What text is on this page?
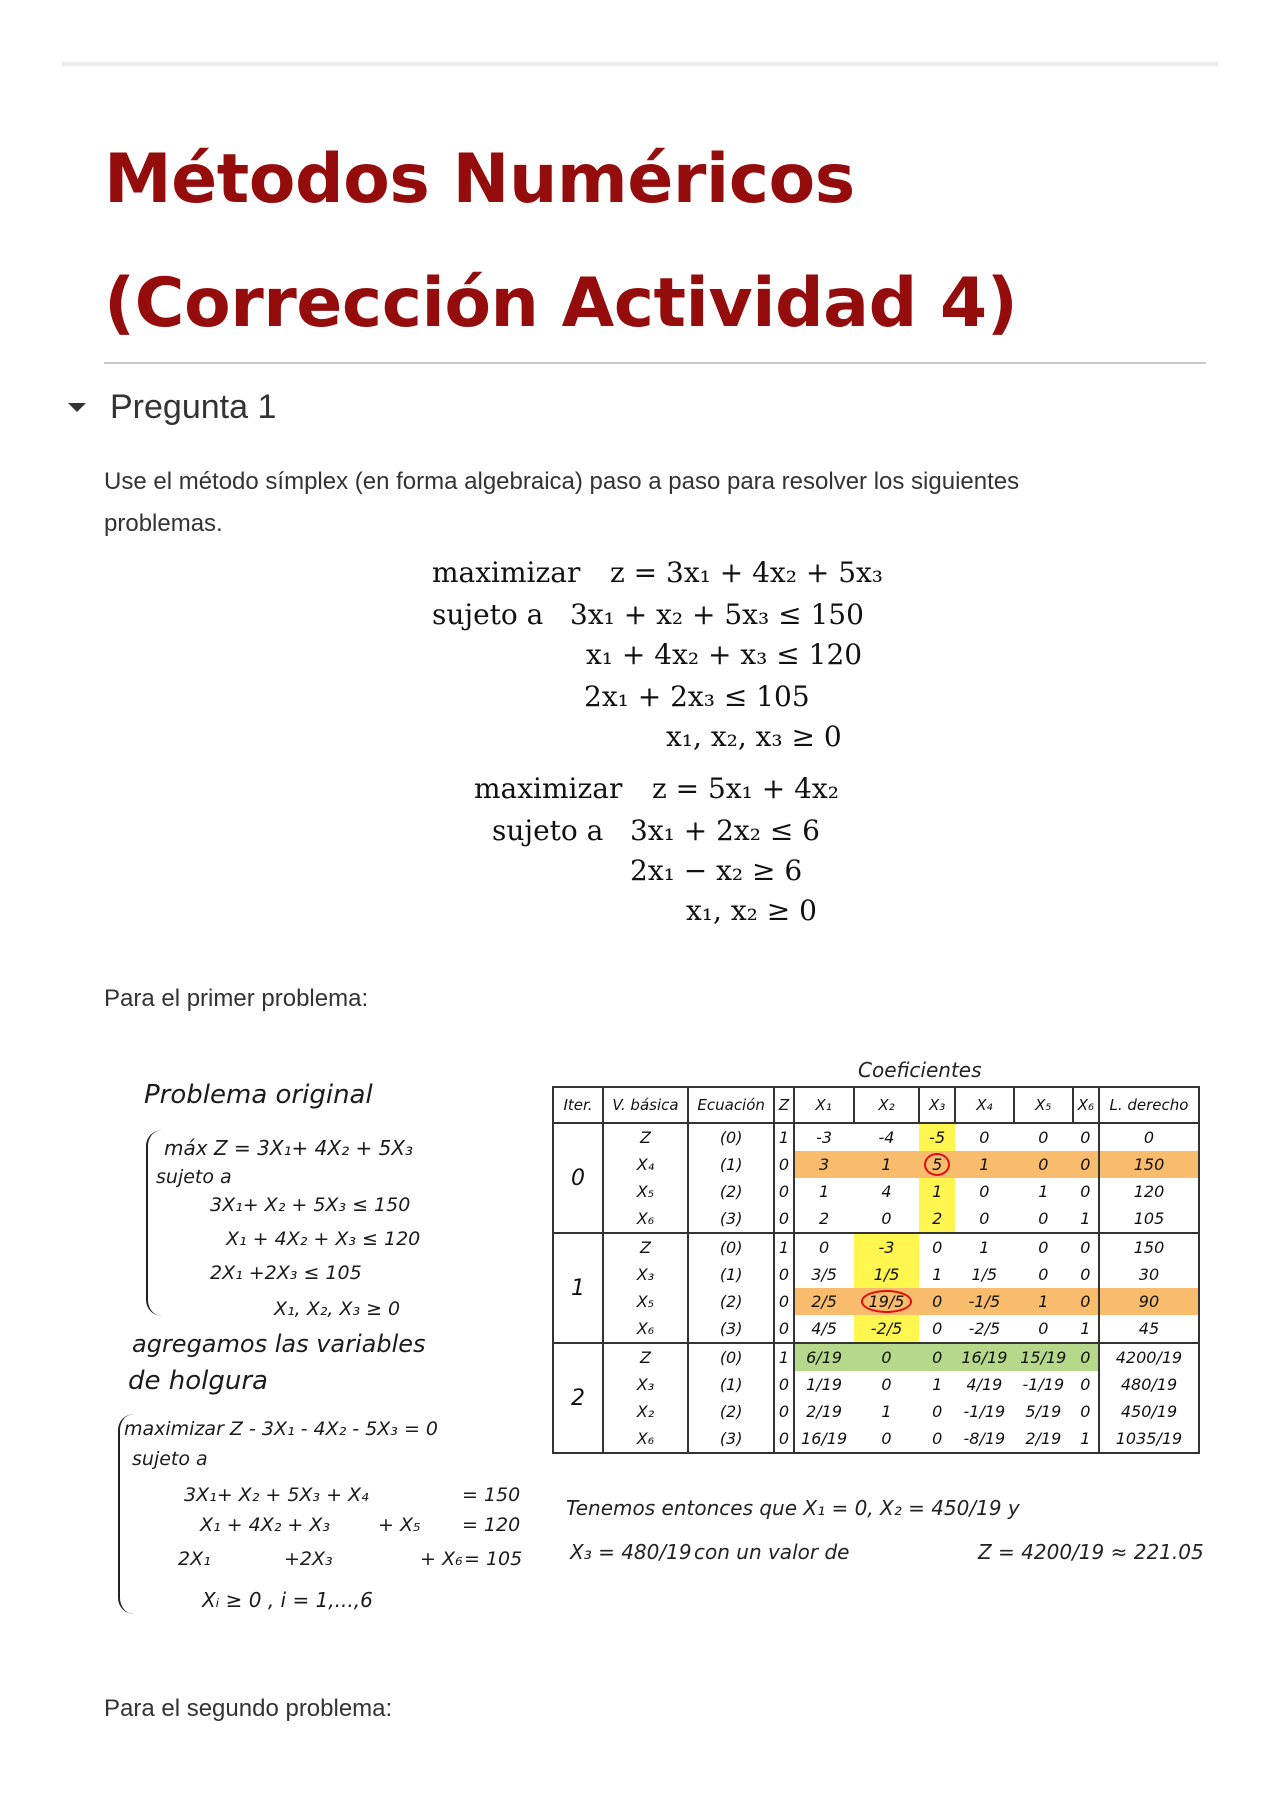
Métodos Numéricos
(Corrección Actividad 4)
Pregunta 1

Use el método símplex (en forma algebraica) paso a paso para resolver los siguientes problemas.

maximizar z = 3x₁ + 4x₂ + 5x₃
sujeto a 3x₁ + x₂ + 5x₃ ≤ 150
x₁ + 4x₂ + x₃ ≤ 120
2x₁ + 2x₃ ≤ 105
x₁, x₂, x₃ ≥ 0
maximizar z = 5x₁ + 4x₂
sujeto a 3x₁ + 2x₂ ≤ 6
2x₁ − x₂ ≥ 6
x₁, x₂ ≥ 0

Para el primer problema:

Problema original
máx Z = 3X₁+ 4X₂ + 5X₃
sujeto a
3X₁+ X₂ + 5X₃ ≤ 150
X₁ + 4X₂ + X₃ ≤ 120
2X₁ +2X₃ ≤ 105
X₁, X₂, X₃ ≥ 0
agregamos las variables
de holgura
maximizar Z - 3X₁ - 4X₂ - 5X₃ = 0
sujeto a
3X₁+ X₂ + 5X₃ + X₄	= 150
X₁ + 4X₂ + X₃	+ X₅ = 120
2X₁	+2X₃	+ X₆ = 105
Xᵢ ≥ 0 , i = 1,...,6
Coeficientes
Iter.	V. básica	Ecuación	Z	X₁	X₂	X₃	X₄	X₅	X₆	L. derecho
0	Z	(0)	1	-3	-4	-5	0	0	0	0
	X₄	(1)	0	3	1	5	1	0	0	150
	X₅	(2)	0	1	4	1	0	1	0	120
	X₆	(3)	0	2	0	2	0	0	1	105
1	Z	(0)	1	0	-3	0	1	0	0	150
	X₃	(1)	0	3/5	1/5	1	1/5	0	0	30
	X₅	(2)	0	2/5	19/5	0	-1/5	1	0	90
	X₆	(3)	0	4/5	-2/5	0	-2/5	0	1	45
2	Z	(0)	1	6/19	0	0	16/19	15/19	0	4200/19
	X₃	(1)	0	1/19	0	1	4/19	-1/19	0	480/19
	X₂	(2)	0	2/19	1	0	-1/19	5/19	0	450/19
	X₆	(3)	0	16/19	0	0	-8/19	2/19	1	1035/19
Tenemos entonces que X₁ = 0, X₂ = 450/19 y
X₃ = 480/19 con un valor de	Z = 4200/19 ≈ 221.05

Para el segundo problema:
